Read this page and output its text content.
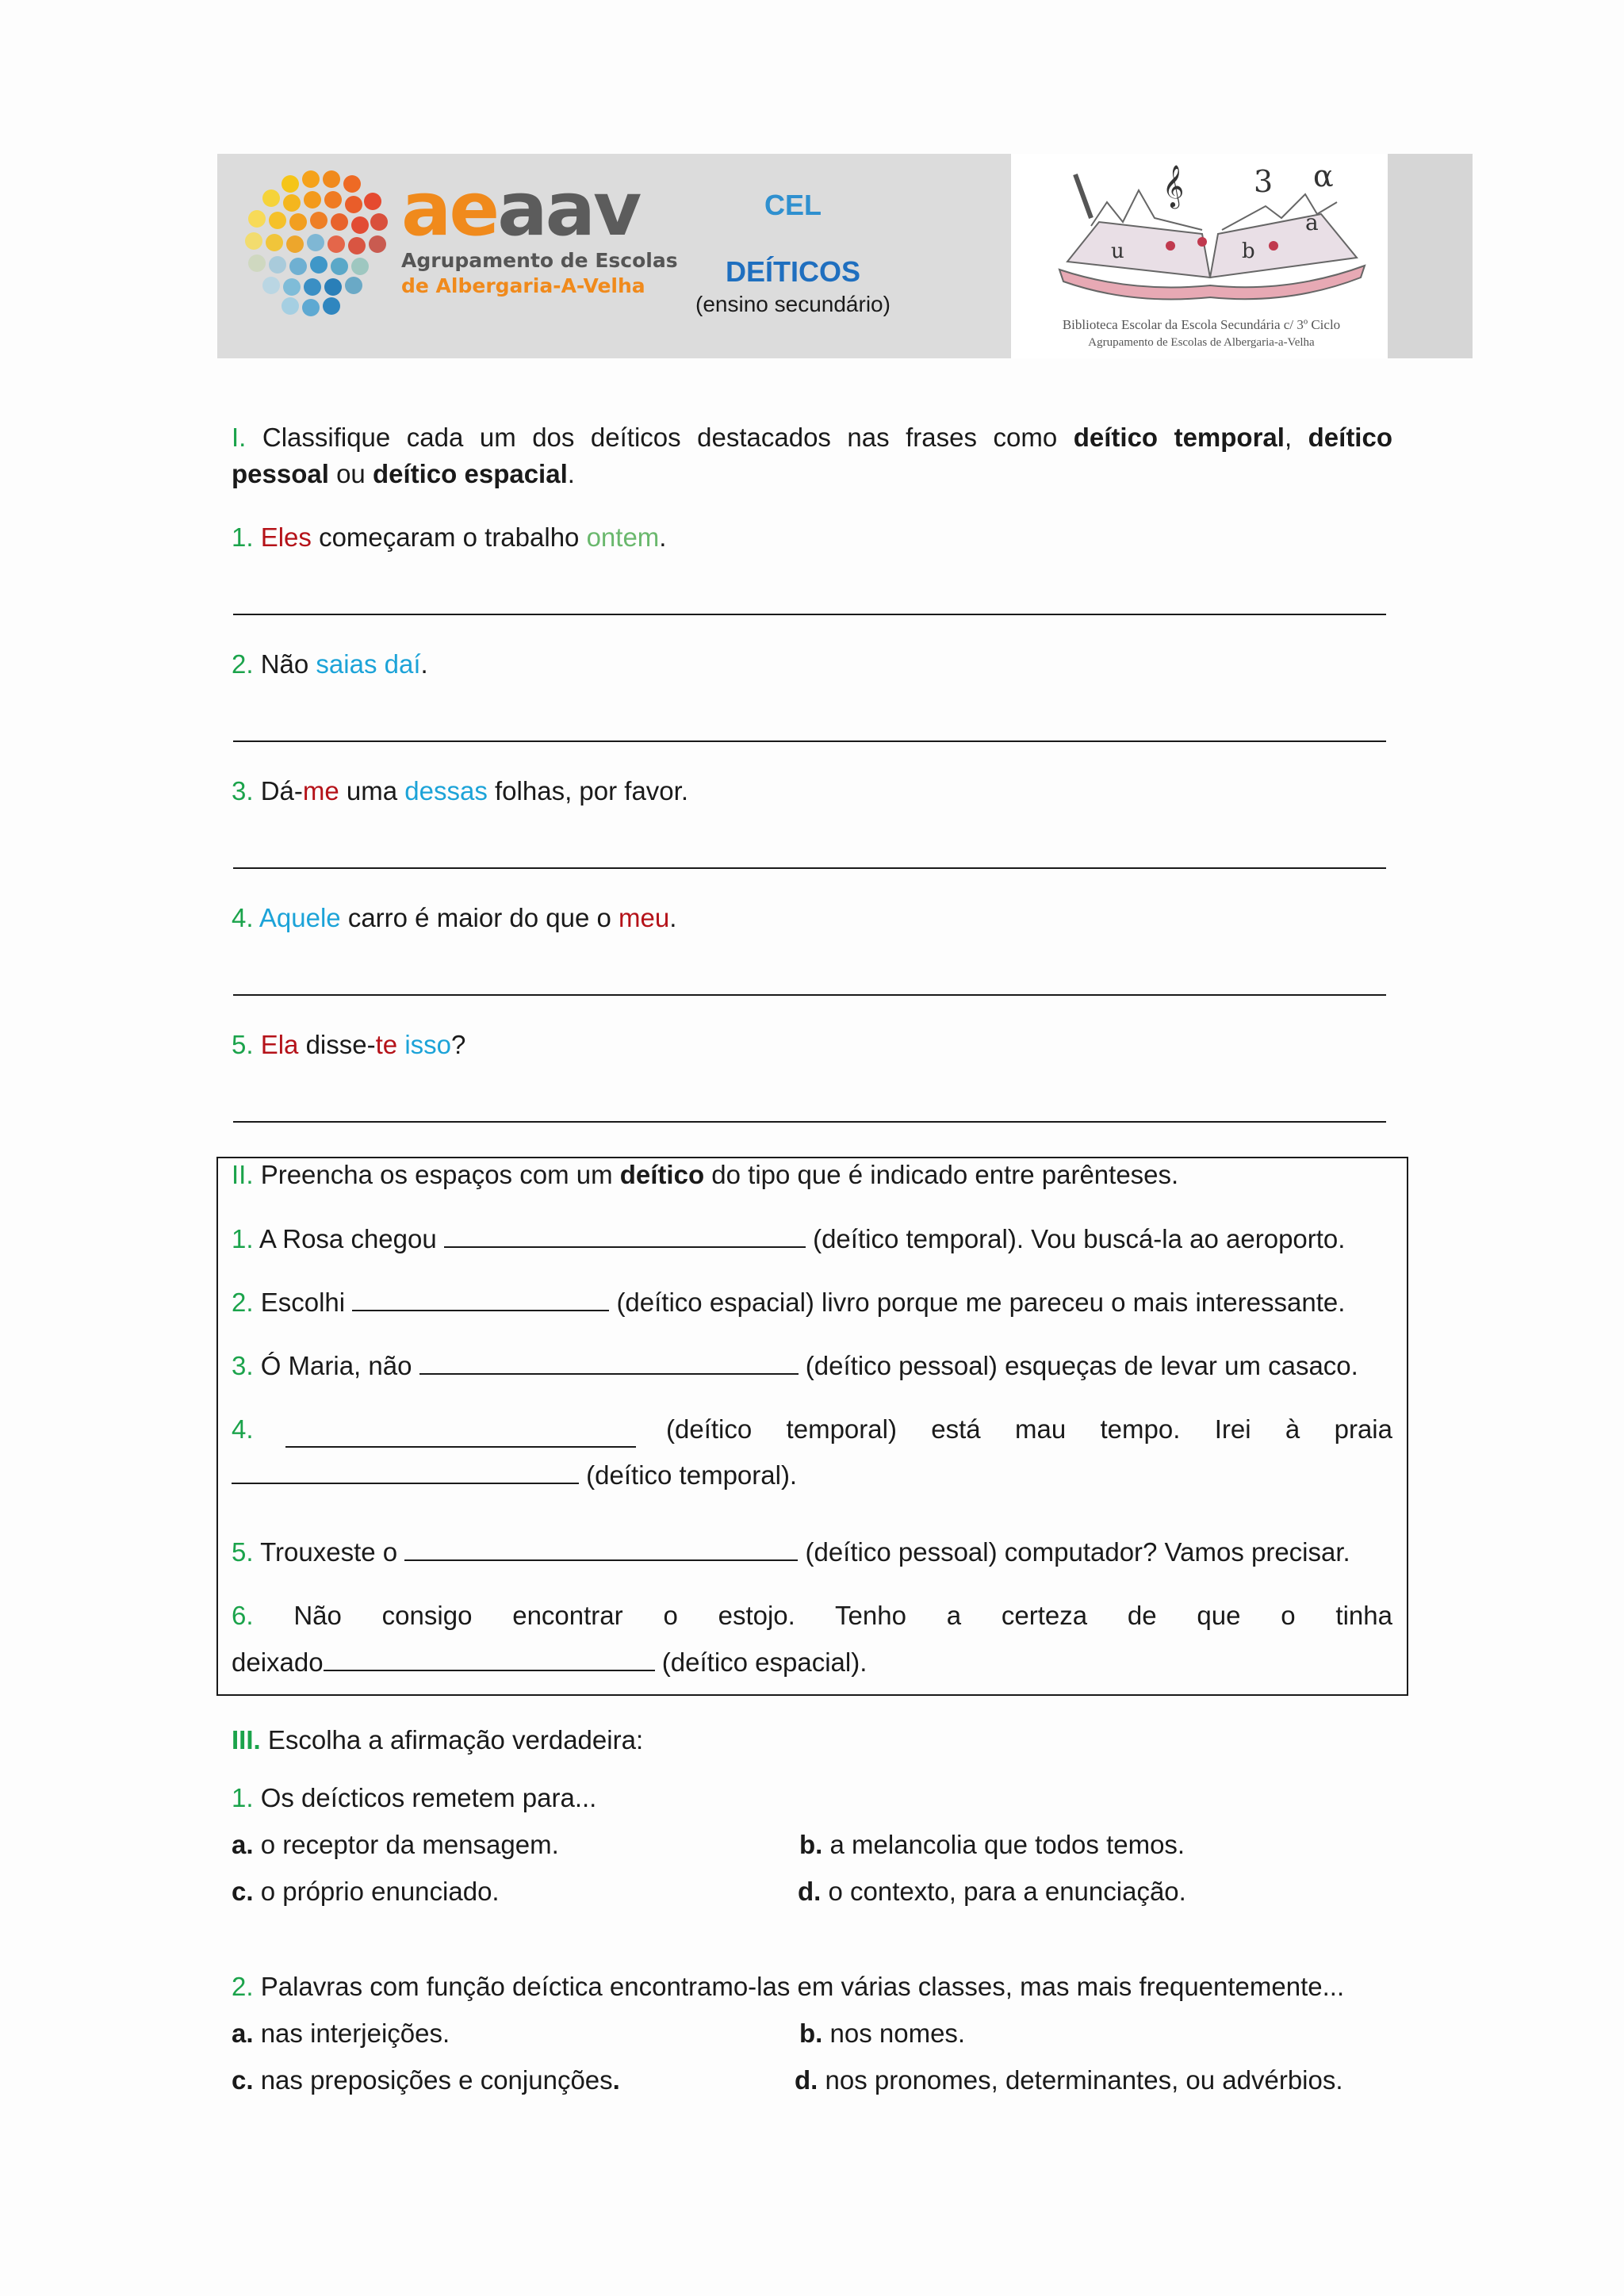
aeaav
Agrupamento de Escolas
de Albergaria-A-Velha
CEL
DEÍTICOS
(ensino secundário)
𝄞 3 α
a
u	b
Biblioteca Escolar da Escola Secundária c/ 3º Ciclo
Agrupamento de Escolas de Albergaria-a-Velha
I. Classifique cada um dos deíticos destacados nas frases como deítico temporal, deítico
pessoal ou deítico espacial.
1. Eles começaram o trabalho ontem.
2. Não saias daí.
3. Dá-me uma dessas folhas, por favor.
4. Aquele carro é maior do que o meu.
5. Ela disse-te isso?
II. Preencha os espaços com um deítico do tipo que é indicado entre parênteses.
1. A Rosa chegou	(deítico temporal). Vou buscá-la ao aeroporto.
2. Escolhi	(deítico espacial) livro porque me pareceu o mais interessante.
3. Ó Maria, não	(deítico pessoal) esqueças de levar um casaco.
4.	(deítico temporal) está mau tempo. Irei à praia
(deítico temporal).
5. Trouxeste o	(deítico pessoal) computador? Vamos precisar.
6. Não consigo encontrar o estojo. Tenho a certeza de que o tinha
deixado	(deítico espacial).
III. Escolha a afirmação verdadeira:
1. Os deícticos remetem para...
a. o receptor da mensagem.	b. a melancolia que todos temos.
c. o próprio enunciado.	d. o contexto, para a enunciação.
2. Palavras com função deíctica encontramo-las em várias classes, mas mais frequentemente...
a. nas interjeições.	b. nos nomes.
c. nas preposições e conjunções.	d. nos pronomes, determinantes, ou advérbios.
